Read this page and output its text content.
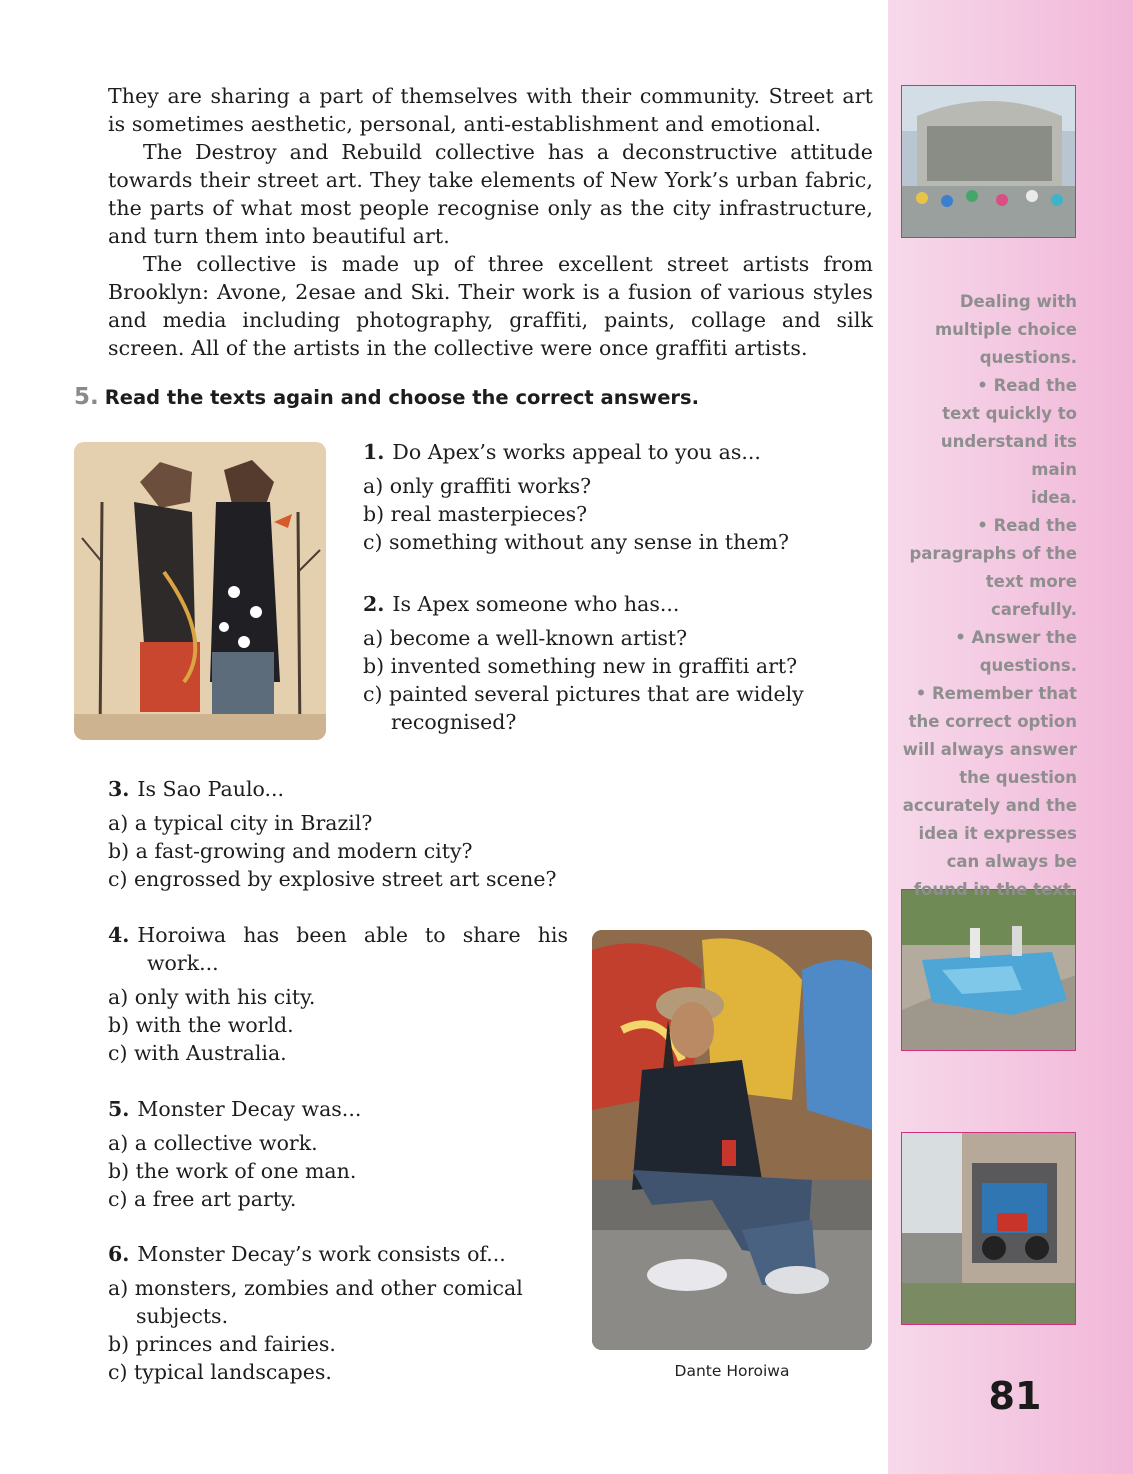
They are sharing a part of themselves with their community. Street art is sometimes aesthetic, personal, anti-establishment and emotional.

The Destroy and Rebuild collective has a deconstructive attitude towards their street art. They take elements of New York’s urban fabric, the parts of what most people recognise only as the city infrastructure, and turn them into beautiful art.

The collective is made up of three excellent street artists from Brooklyn: Avone, 2esae and Ski. Their work is a fusion of various styles and media including photography, graffiti, paints, collage and silk screen. All of the artists in the collective were once graffiti artists.

5. Read the texts again and choose the correct answers.
1. Do Apex’s works appeal to you as...
a) only graffiti works?
b) real masterpieces?
c) something without any sense in them?
2. Is Apex someone who has...
a) become a well-known artist?
b) invented something new in graffiti art?
c) painted several pictures that are widely recognised?
3. Is Sao Paulo...
a) a typical city in Brazil?
b) a fast-growing and modern city?
c) engrossed by explosive street art scene?
4. Horoiwa has been able to share his work...
a) only with his city.
b) with the world.
c) with Australia.
5. Monster Decay was...
a) a collective work.
b) the work of one man.
c) a free art party.
6. Monster Decay’s work consists of...
a) monsters, zombies and other comical subjects.
b) princes and fairies.
c) typical landscapes.	Dante Horoiwa
Dealing with
multiple choice
questions.
• Read the
text quickly to
understand its main
idea.
• Read the
paragraphs of the
text more carefully.
• Answer the
questions.
• Remember that
the correct option
will always answer
the question
accurately and the
idea it expresses
can always be
found in the text.
81
